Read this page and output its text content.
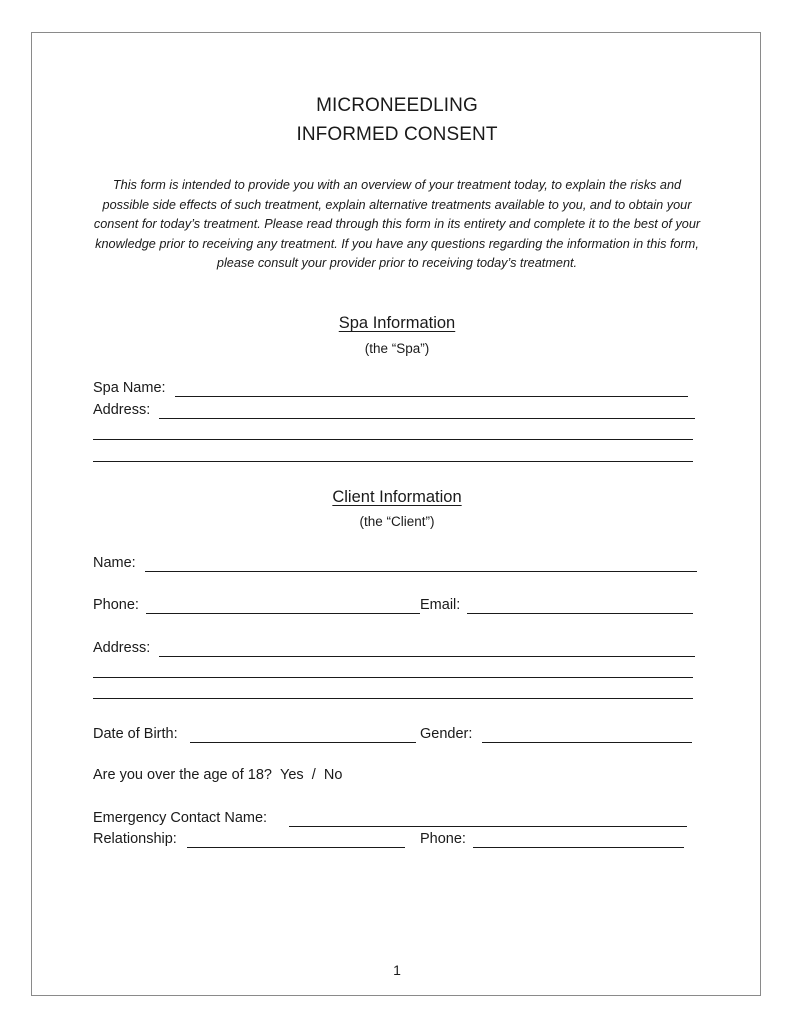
MICRONEEDLING
INFORMED CONSENT
This form is intended to provide you with an overview of your treatment today, to explain the risks and possible side effects of such treatment, explain alternative treatments available to you, and to obtain your consent for today’s treatment. Please read through this form in its entirety and complete it to the best of your knowledge prior to receiving any treatment. If you have any questions regarding the information in this form, please consult your provider prior to receiving today’s treatment.
Spa Information
(the “Spa”)
Spa Name:
Address:
Client Information
(the “Client”)
Name:
Phone:	Email:
Address:
Date of Birth:	Gender:
Are you over the age of 18? Yes / No
Emergency Contact Name:
Relationship:	Phone:
1
